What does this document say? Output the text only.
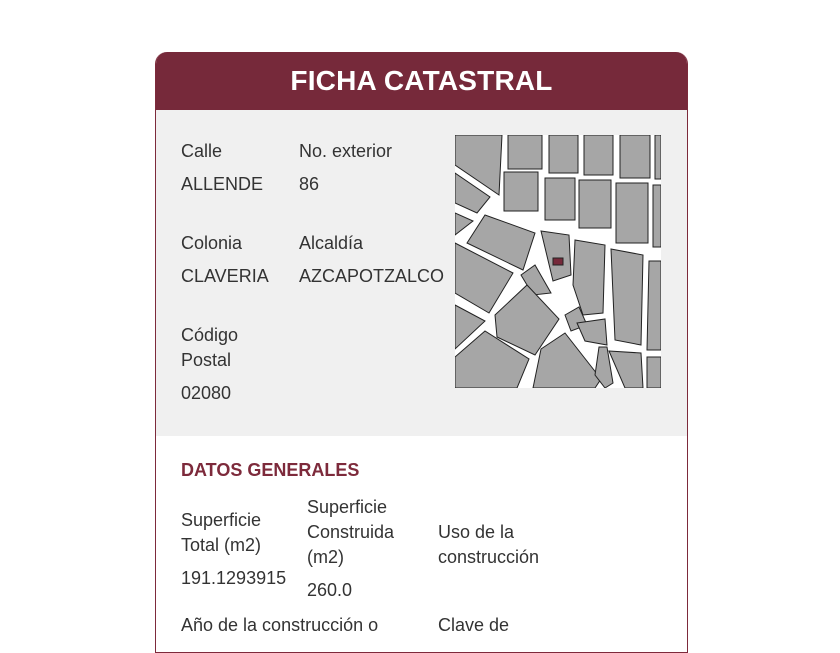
FICHA CATASTRAL
Calle
ALLENDE
No. exterior
86
Colonia
CLAVERIA
Alcaldía
AZCAPOTZALCO
Código
Postal
02080
DATOS GENERALES
Superficie
Total (m2)
191.1293915
Superficie
Construida
(m2)
260.0
Uso de la
construcción
Año de la construcción o	Clave de
